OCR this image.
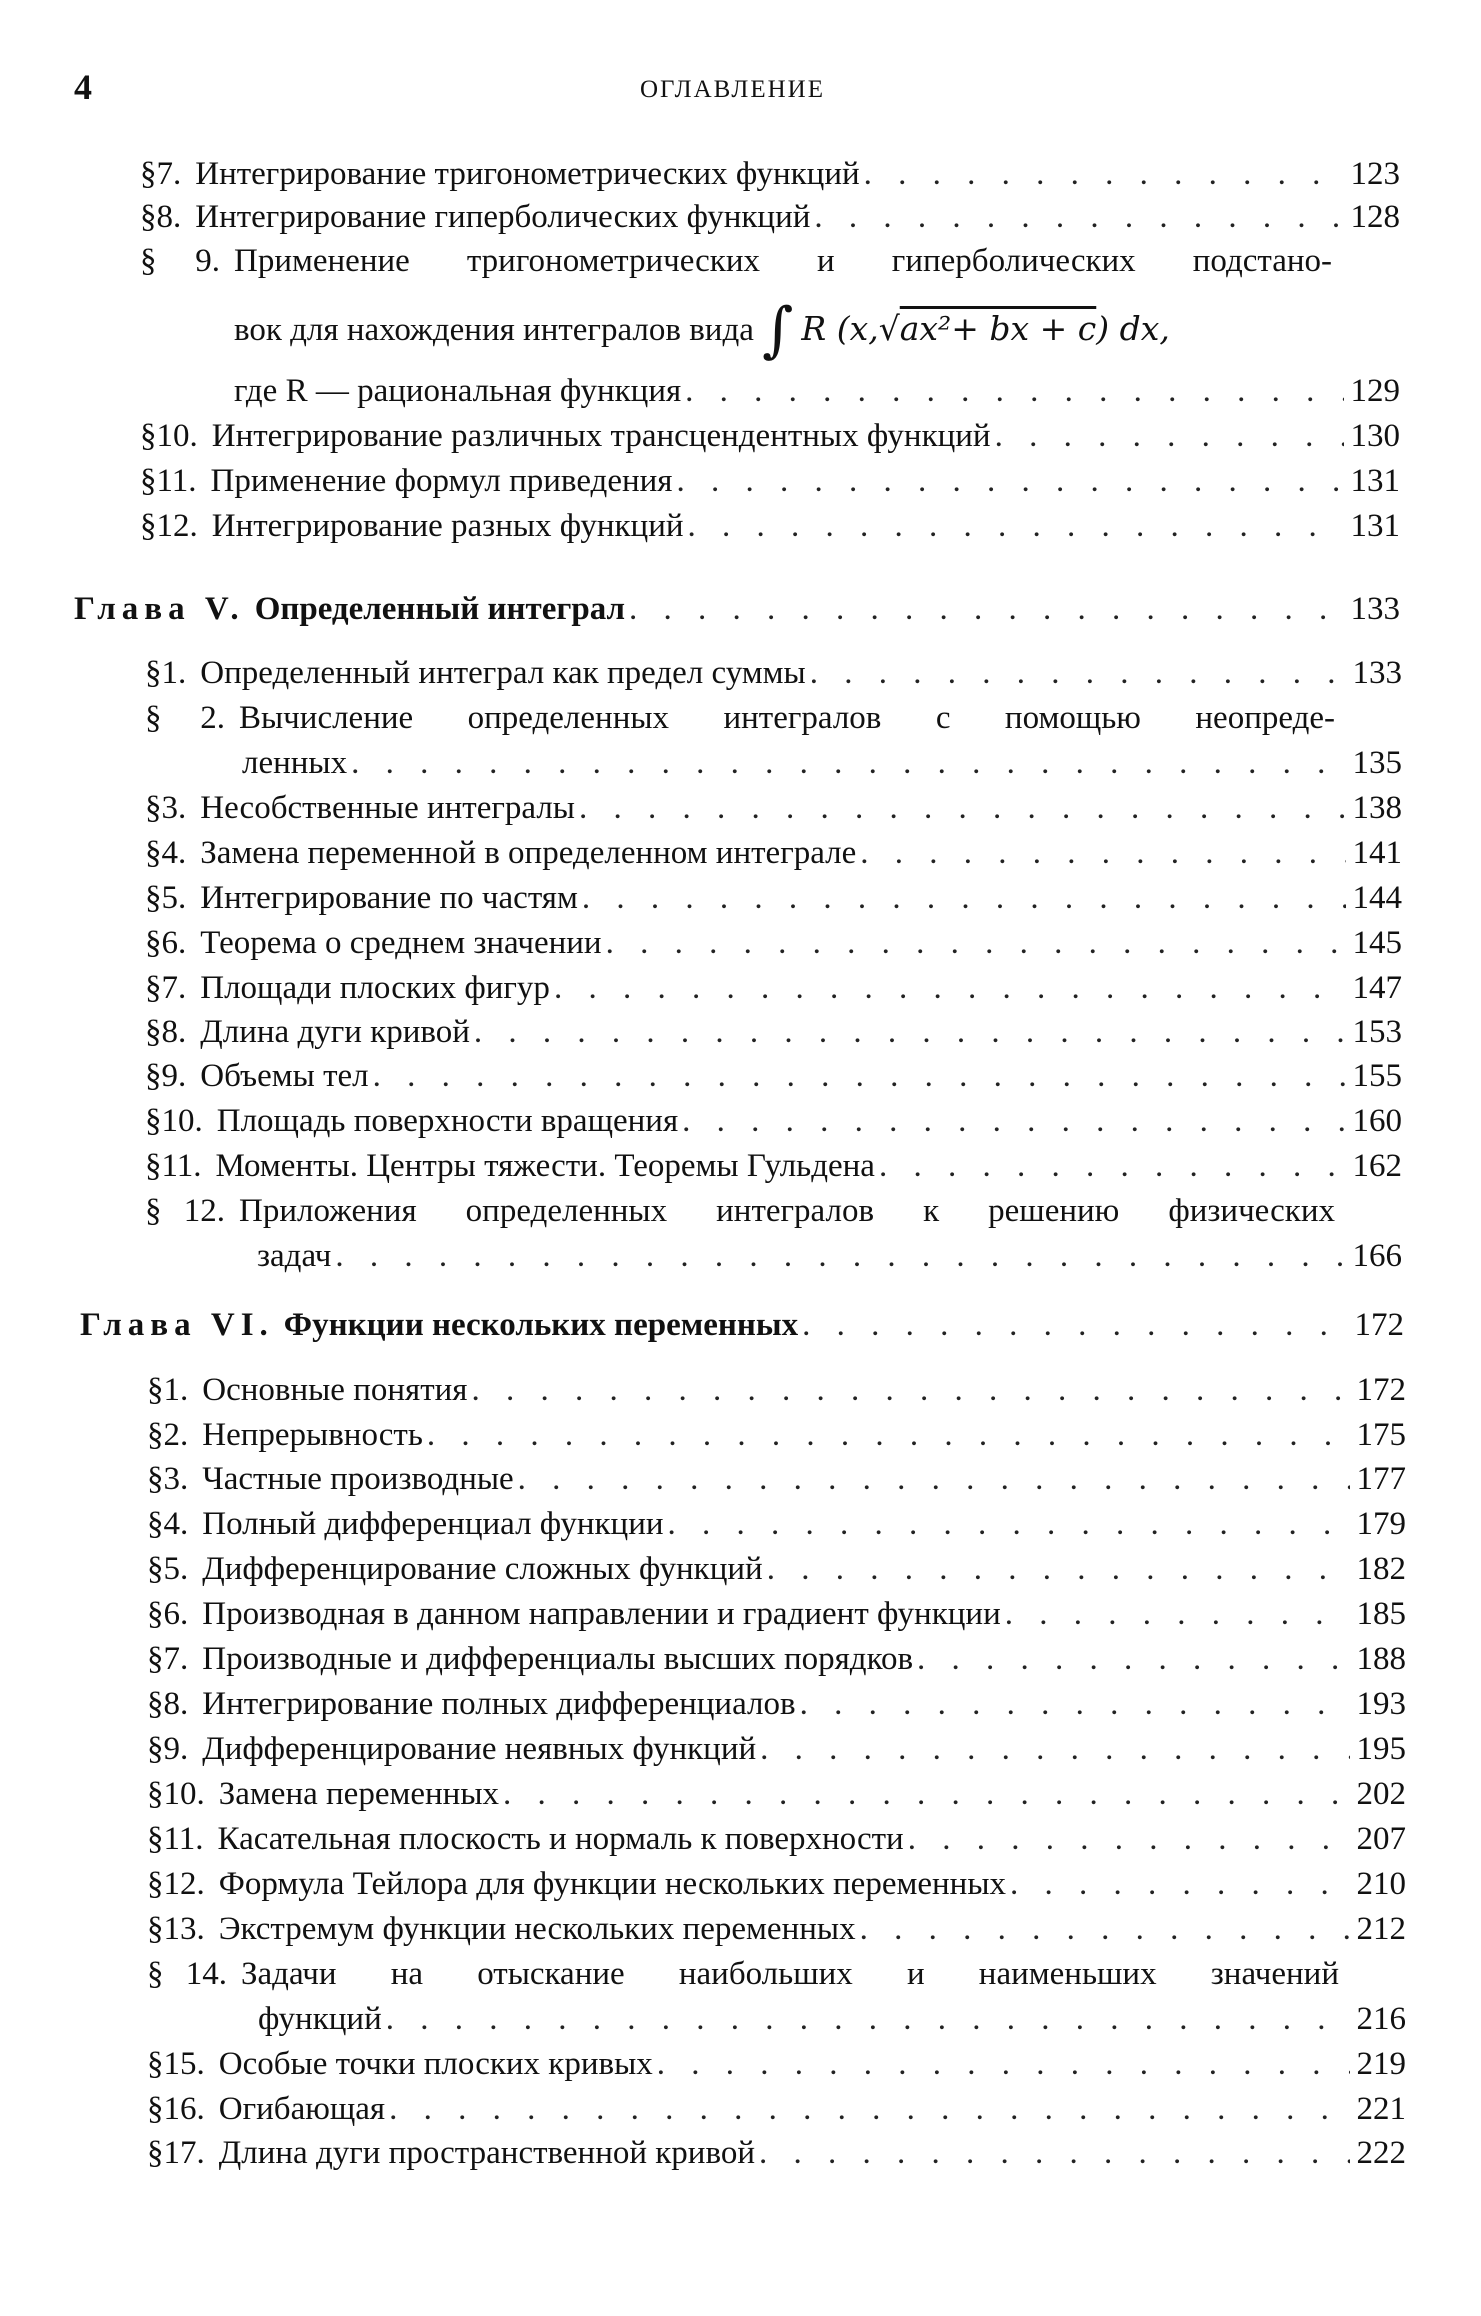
4	ОГЛАВЛЕНИЕ
§ 7. Интегрирование тригонометрических функций . . .	123
§ 8. Интегрирование гиперболических функций . . .	128
§	9. Применение тригонометрических и гиперболических подстано-
вок для нахождения интегралов вида ∫ R (x,√ax²+ bx + c) dx,
где R — рациональная функция . . .	129
§ 10. Интегрирование различных трансцендентных функций . . .	130
§ 11. Применение формул приведения . . .	131
§ 12. Интегрирование разных функций . . .	131
Глава V. Определенный интеграл . . .	133
§ 1. Определенный интеграл как предел суммы . . .	133
§	2. Вычисление определенных интегралов с помощью неопреде-
ленных . . .	135
§ 3. Несобственные интегралы . . .	138
§ 4. Замена переменной в определенном интеграле . . .	141
§ 5. Интегрирование по частям . . .	144
§ 6. Теорема о среднем значении . . .	145
§ 7. Площади плоских фигур . . .	147
§ 8. Длина дуги кривой . . .	153
§ 9. Объемы тел . . .	155
§ 10. Площадь поверхности вращения . . .	160
§ 11. Моменты. Центры тяжести. Теоремы Гульдена . . .	162
§ 12. Приложения определенных интегралов к решению физических
задач . . .	166
Глава VI. Функции нескольких переменных . . .	172
§ 1. Основные понятия . . .	172
§ 2. Непрерывность . . .	175
§ 3. Частные производные . . .	177
§ 4. Полный дифференциал функции . . .	179
§ 5. Дифференцирование сложных функций . . .	182
§ 6. Производная в данном направлении и градиент функции . . .	185
§ 7. Производные и дифференциалы высших порядков . . .	188
§ 8. Интегрирование полных дифференциалов . . .	193
§ 9. Дифференцирование неявных функций . . .	195
§ 10. Замена переменных . . .	202
§ 11. Касательная плоскость и нормаль к поверхности . . .	207
§ 12. Формула Тейлора для функции нескольких переменных . . .	210
§ 13. Экстремум функции нескольких переменных . . .	212
§ 14. Задачи на отыскание наибольших и наименьших значений
функций . . .	216
§ 15. Особые точки плоских кривых . . .	219
§ 16. Огибающая . . .	221
§ 17. Длина дуги пространственной кривой . . .	222
